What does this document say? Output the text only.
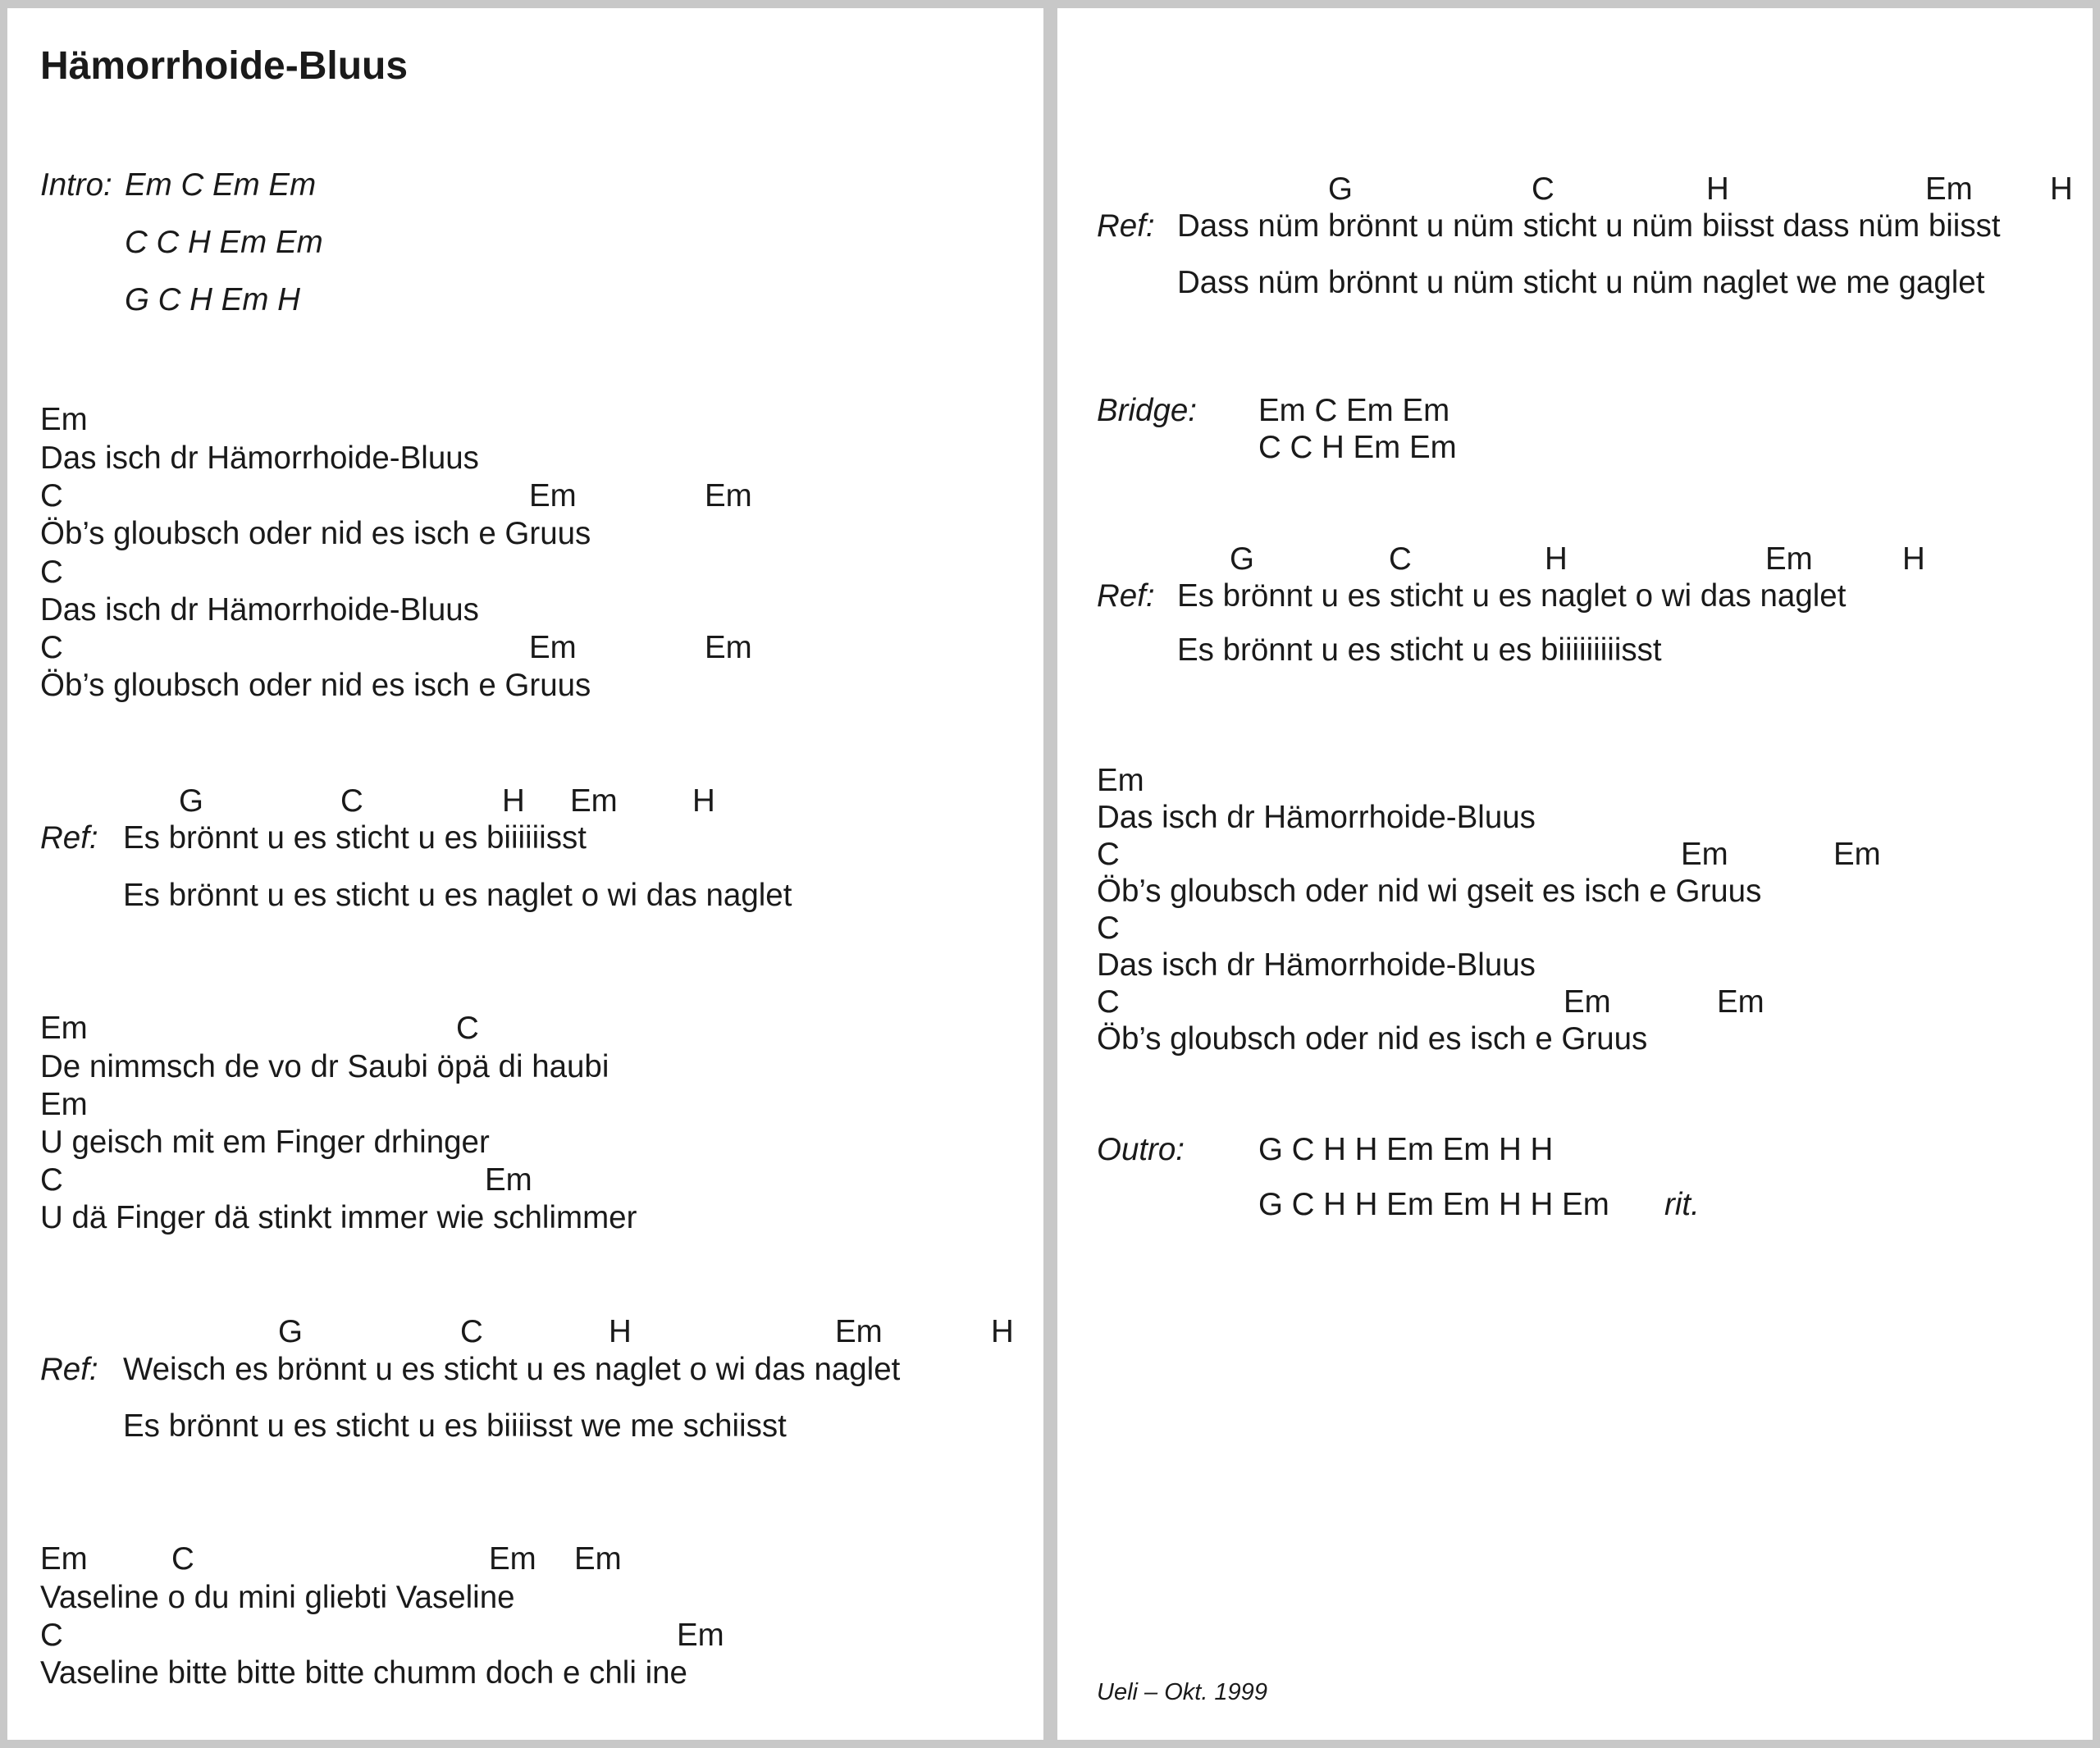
Hämorrhoide-Bluus
Intro: Em C Em Em
C C H Em Em
G C H Em H
Em
Das isch dr Hämorrhoide-Bluus
C	Em	Em
Öb’s gloubsch oder nid es isch e Gruus
C
Das isch dr Hämorrhoide-Bluus
C	Em	Em
Öb’s gloubsch oder nid es isch e Gruus
G	C	H Em H
Ref: Es brönnt u es sticht u es biiiiiisst
Es brönnt u es sticht u es naglet o wi das naglet
Em	C
De nimmsch de vo dr Saubi öpä di haubi
Em
U geisch mit em Finger drhinger
C	Em
U dä Finger dä stinkt immer wie schlimmer
G	C	H	Em	H
Ref: Weisch es brönnt u es sticht u es naglet o wi das naglet
Es brönnt u es sticht u es biiiisst we me schiisst
Em	C	Em Em
Vaseline o du mini gliebti Vaseline
C	Em
Vaseline bitte bitte bitte chumm doch e chli ine
G	C	H	Em H
Ref: Dass nüm brönnt u nüm sticht u nüm biisst dass nüm biisst
Dass nüm brönnt u nüm sticht u nüm naglet we me gaglet
Bridge: Em C Em Em
C C H Em Em
G	C	H	Em	H
Ref: Es brönnt u es sticht u es naglet o wi das naglet
Es brönnt u es sticht u es biiiiiiiiisst
Em
Das isch dr Hämorrhoide-Bluus
C	Em	Em
Öb’s gloubsch oder nid wi gseit es isch e Gruus
C
Das isch dr Hämorrhoide-Bluus
C	Em	Em
Öb’s gloubsch oder nid es isch e Gruus
Outro: G C H H Em Em H H
G C H H Em Em H H Em rit.
Ueli – Okt. 1999
